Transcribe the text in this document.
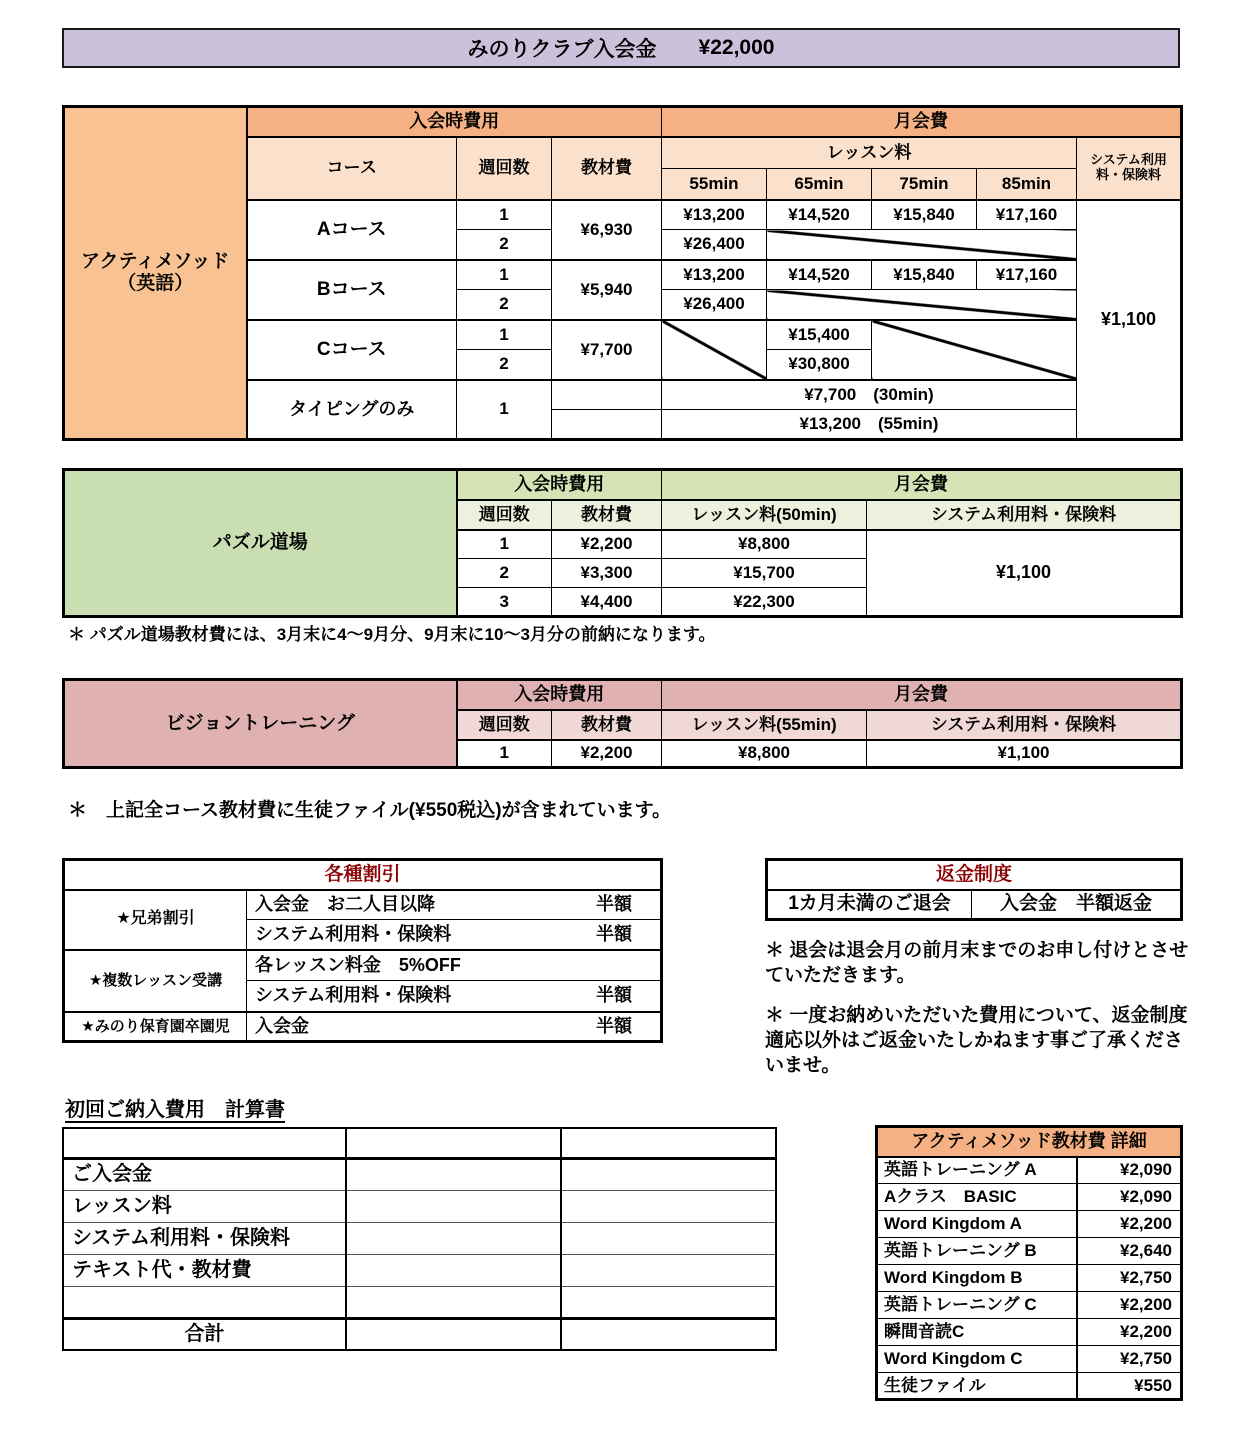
みのりクラブ入会金 ¥22,000
アクティメソッド
（英語）	入会時費用			月会費				
	コース	週回数	教材費	レッスン料				システム利用
料・保険料

				55min	65min	75min	85min	
	Aコース	1	¥6,930	¥13,200	¥14,520	¥15,840	¥17,160	¥1,100
		2		¥26,400				
	Bコース	1	¥5,940	¥13,200	¥14,520	¥15,840	¥17,160	
		2		¥26,400				
	Cコース	1	¥7,700		¥15,400			
		2			¥30,800			
	タイピングのみ	1		¥7,700　(30min)				
				¥13,200　(55min)				
パズル道場	入会時費用		月会費	
	週回数	教材費	レッスン料(50min)	システム利用料・保険料
	1	¥2,200	¥8,800	¥1,100
	2	¥3,300	¥15,700	
	3	¥4,400	¥22,300	
＊ パズル道場教材費には、3月末に4～9月分、9月末に10～3月分の前納になります。
ビジョントレーニング	入会時費用		月会費	
	週回数	教材費	レッスン料(55min)	システム利用料・保険料
	1	¥2,200	¥8,800	¥1,100
＊　上記全コース教材費に生徒ファイル(¥550税込)が含まれています。
各種割引	
★兄弟割引	入会金　お二人目以降 半額

	システム利用料・保険料 半額

★複数レッスン受講	各レッスン料金　5%OFF

	システム利用料・保険料 半額

★みのり保育園卒園児	入会金 半額
返金制度
1カ月未満のご退会	入会金　半額返金
＊ 退会は退会月の前月末までのお申し付けとさせていただきます。
＊ 一度お納めいただいた費用について、返金制度適応以外はご返金いたしかねます事ご了承くださいませ。
初回ご納入費用　計算書

ご入会金		
レッスン料		
システム利用料・保険料		
テキスト代・教材費		

合計		
アクティメソッド教材費 詳細	
英語トレーニング A	¥2,090
Aクラス　BASIC	¥2,090
Word Kingdom A	¥2,200
英語トレーニング B	¥2,640
Word Kingdom B	¥2,750
英語トレーニング C	¥2,200
瞬間音読C	¥2,200
Word Kingdom C	¥2,750
生徒ファイル	¥550
